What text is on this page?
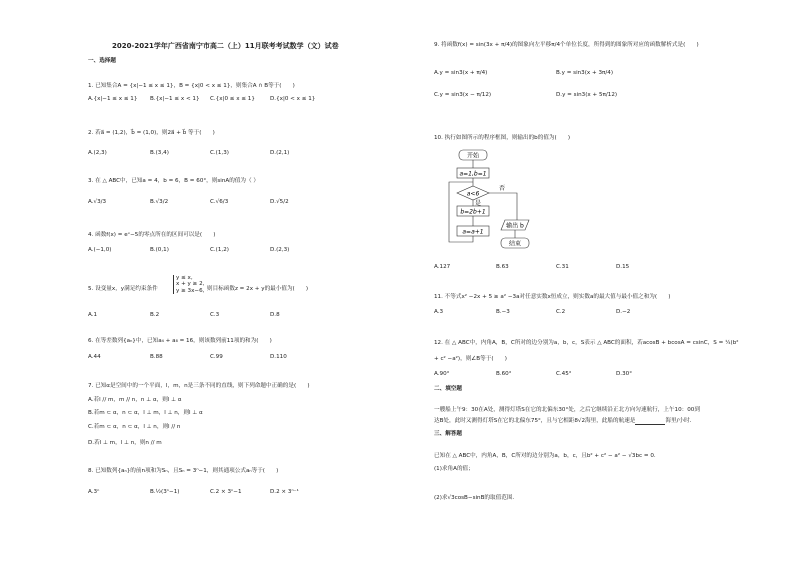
2020-2021学年广西省南宁市高二（上）11月联考考试数学（文）试卷
一、选择题
1. 已知集合A = {x|−1 ≤ x ≤ 1}，B = {x|0 < x ≤ 1}，则集合A ∩ B等于(　　)
A.{x|−1 ≤ x ≤ 1} B.{x|−1 ≤ x < 1} C.{x|0 ≤ x ≤ 1}	D.{x|0 < x ≤ 1}
2. 若a⃗ = (1,2)，b⃗ = (1,0)，则2a⃗ + b⃗ 等于(　　)
A.(2,3)	B.(3,4)	C.(1,3)	D.(2,1)
3. 在 △ ABC中，已知a = 4，b = 6，B = 60°，则sinA的值为（ ）
A.√3/3	B.√3/2	C.√6/3	D.√5/2
4. 函数f(x) = eˣ−5的零点所在的区间可以是(　　)
A.(−1,0)	B.(0,1)	C.(1,2)	D.(2,3)
5. 设变量x，y满足约束条件
y ≤ x,
x + y ≥ 2,
y ≥ 3x−6, 则目标函数z = 2x + y的最小值为(　　)
A.1	B.2	C.3	D.8
6. 在等差数列{aₙ}中，已知a₄ + a₈ = 16，则该数列前11项的和为(　　)
A.44	B.88	C.99	D.110
7. 已知α是空间中的一个平面，l，m，n是三条不同的直线，则下列命题中正确的是(　　)
A.若l // m，m // n，n ⊥ α，则l ⊥ α
B.若m ⊂ α，n ⊂ α，l ⊥ m，l ⊥ n，则l ⊥ α
C.若m ⊂ α，n ⊂ α，l ⊥ n，则l // n
D.若l ⊥ m，l ⊥ n，则n // m
8. 已知数列{aₙ}的前n项和为Sₙ，且Sₙ = 3ⁿ−1，则其通项公式aₙ等于(　　)
A.3ⁿ	B.½(3ⁿ−1)	C.2 × 3ⁿ−1	D.2 × 3ⁿ⁻¹
9. 将函数f(x) = sin(3x + π/4)的图象向左平移π/4个单位长度，所得到的图象所对应的函数解析式是(　　)
A.y = sin3(x + π/4)	B.y = sin3(x + 3π/4)
C.y = sin3(x − π/12)	D.y = sin3(x + 5π/12)
10. 执行如图所示的程序框图，则输出的b的值为(　　)
开始
a=1,b=1
a<6
否
是
b=2b+1
a=a+1
输出 b
结束
A.127	B.63	C.31	D.15
11. 不等式x² −2x + 5 ≥ a² −3a对任意实数x恒成立，则实数a的最大值与最小值之和为(　　)
A.3	B.−3	C.2	D.−2
12. 在 △ ABC中，内角A，B，C所对的边分别为a，b，c，S表示 △ ABC的面积，若acosB + bcosA = csinC，S = ¼(b²
+ c² −a²)，则∠B等于(　　)
A.90°	B.60°	C.45°	D.30°
二、填空题
一艘船上午9：30在A处，测得灯塔S在它的北偏东30°处，之后它继续沿正北方向匀速航行，上午10：00到
达B处，此时又测得灯塔S在它的北偏东75°，且与它相距8√2海里，此船的航速是	海里/小时．
三、解答题
已知在 △ ABC中，内角A，B，C所对的边分别为a，b，c，且b² + c² − a² − √3bc = 0.
(1)求角A的值；
(2)求√3cosB−sinB的取值范围．
